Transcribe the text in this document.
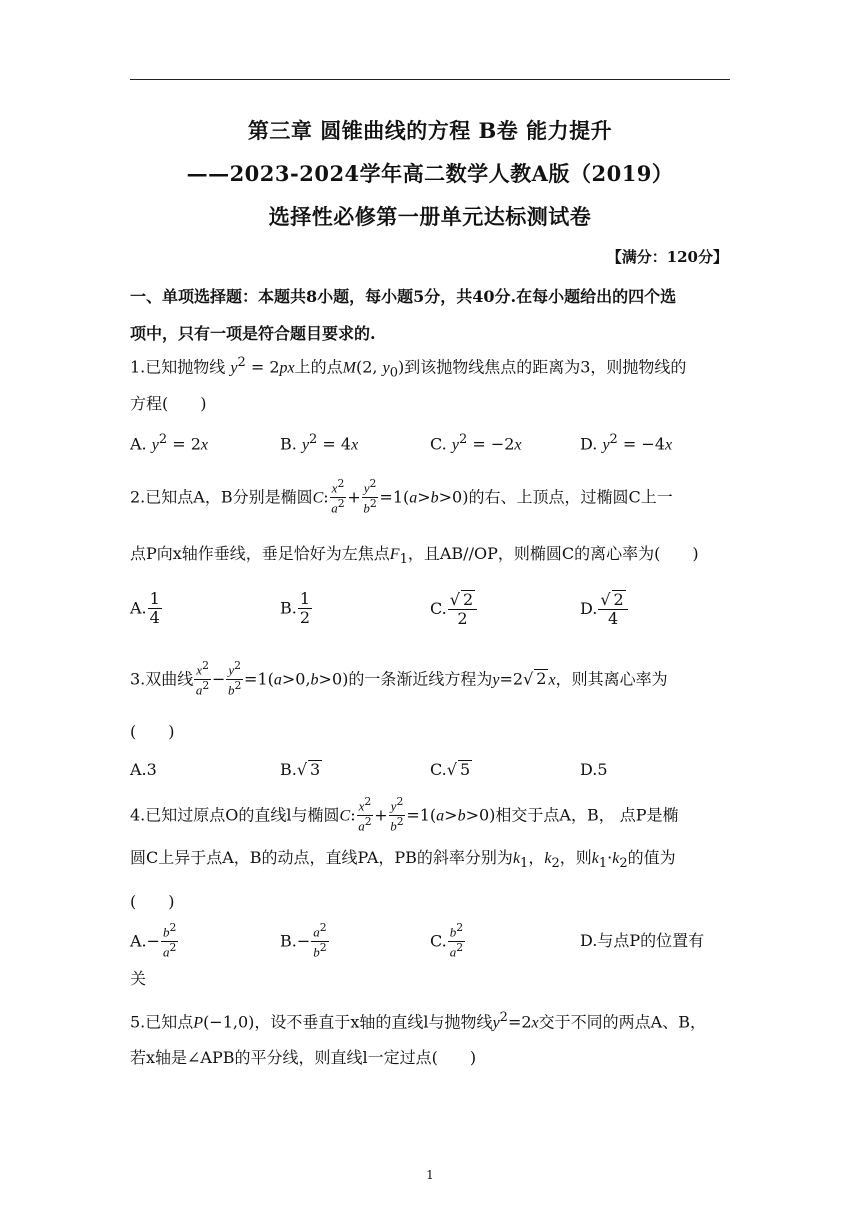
第三章 圆锥曲线的方程 B卷 能力提升
——2023-2024学年高二数学人教A版（2019）
选择性必修第一册单元达标测试卷
【满分：120分】
一、单项选择题：本题共8小题，每小题5分，共40分.在每小题给出的四个选
项中，只有一项是符合题目要求的.
1.已知抛物线 $y^2 = 2px$上的点M(2, $y_0$)到该抛物线焦点的距离为3，则抛物线的
方程(　　)
A. $y^2 = 2x$	B. $y^2 = 4x$	C. $y^2 = -2x$	D. $y^2 = -4x$
2.已知点A，B分别是椭圆C: $\frac{x^2}{a^2} + \frac{y^2}{b^2} =1(a>b>0)$的右、上顶点，过椭圆C上一
点P向x轴作垂线，垂足恰好为左焦点$F_1$，且AB//OP，则椭圆C的离心率为(　　)
A. $\frac{1}{4}$	B. $\frac{1}{2}$	C. $\frac{√ 2}{2}$	D. $\frac{√ 2}{4}$
3.双曲线 $\frac{x^2}{a^2} - \frac{y^2}{b^2} =1(a>0,b>0)$的一条渐近线方程为y=2√ 2 x，则其离心率为
(　　)
A.3	B.√ 3	C.√ 5	D.5
4.已知过原点O的直线l与椭圆C: $\frac{x^2}{a^2} + \frac{y^2}{b^2} =1(a>b>0)$相交于点A，B， 点P是椭
圆C上异于点A，B的动点，直线PA，PB的斜率分别为$k_1$，$k_2$，则$k_1\cdot k_2$的值为
(　　)
$A.- \frac{b^2}{a^2}$	$B.- \frac{a^2}{b^2}$	C. $\frac{b^2}{a^2}$	D.与点P的位置有
关
5.已知点P(−1,0)，设不垂直于x轴的直线l与抛物线$y^2=2x$交于不同的两点A、B，
若x轴是∠APB的平分线，则直线l一定过点(　　)
1
